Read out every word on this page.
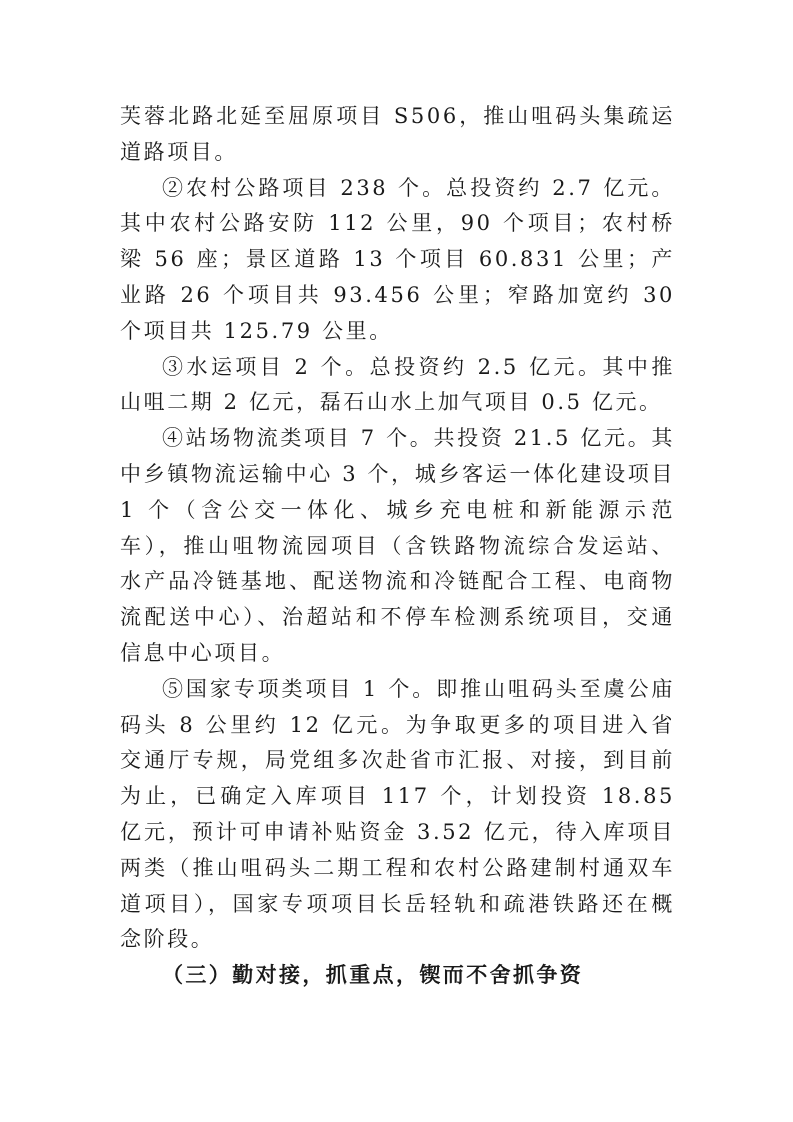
芙蓉北路北延至屈原项目 S506，推山咀码头集疏运道路项目。

②农村公路项目 238 个。总投资约 2.7 亿元。其中农村公路安防 112 公里，90 个项目；农村桥梁 56 座；景区道路 13 个项目 60.831 公里；产业路 26 个项目共 93.456 公里；窄路加宽约 30 个项目共 125.79 公里。

③水运项目 2 个。总投资约 2.5 亿元。其中推山咀二期 2 亿元，磊石山水上加气项目 0.5 亿元。

④站场物流类项目 7 个。共投资 21.5 亿元。其中乡镇物流运输中心 3 个，城乡客运一体化建设项目 1 个（含公交一体化、城乡充电桩和新能源示范车），推山咀物流园项目（含铁路物流综合发运站、水产品冷链基地、配送物流和冷链配合工程、电商物流配送中心）、治超站和不停车检测系统项目，交通信息中心项目。

⑤国家专项类项目 1 个。即推山咀码头至虞公庙码头 8 公里约 12 亿元。为争取更多的项目进入省交通厅专规，局党组多次赴省市汇报、对接，到目前为止，已确定入库项目 117 个，计划投资 18.85 亿元，预计可申请补贴资金 3.52 亿元，待入库项目两类（推山咀码头二期工程和农村公路建制村通双车道项目），国家专项项目长岳轻轨和疏港铁路还在概念阶段。

（三）勤对接，抓重点，锲而不舍抓争资
